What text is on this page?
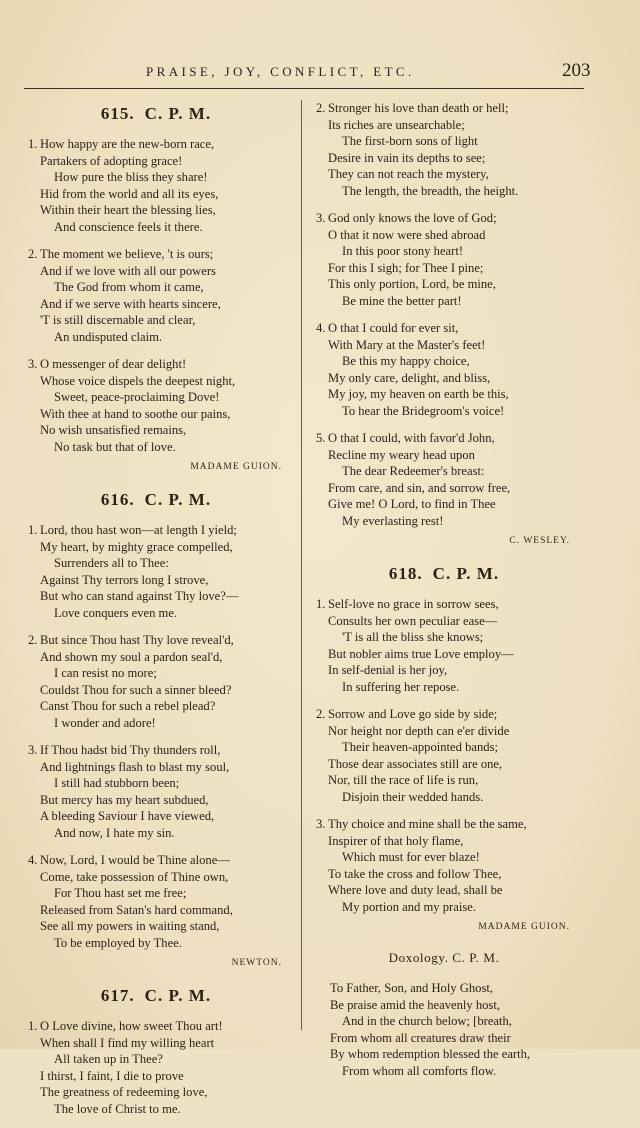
PRAISE, JOY, CONFLICT, ETC.	203
615. C. P. M.
1. How happy are the new-born race,
Partakers of adopting grace!
How pure the bliss they share!
Hid from the world and all its eyes,
Within their heart the blessing lies,
And conscience feels it there.
2. The moment we believe, 't is ours;
And if we love with all our powers
The God from whom it came,
And if we serve with hearts sincere,
'T is still discernable and clear,
An undisputed claim.
3. O messenger of dear delight!
Whose voice dispels the deepest night,
Sweet, peace-proclaiming Dove!
With thee at hand to soothe our pains,
No wish unsatisfied remains,
No task but that of love.
MADAME GUION.
616. C. P. M.
1. Lord, thou hast won—at length I yield;
My heart, by mighty grace compelled,
Surrenders all to Thee:
Against Thy terrors long I strove,
But who can stand against Thy love?—
Love conquers even me.
2. But since Thou hast Thy love reveal'd,
And shown my soul a pardon seal'd,
I can resist no more;
Couldst Thou for such a sinner bleed?
Canst Thou for such a rebel plead?
I wonder and adore!
3. If Thou hadst bid Thy thunders roll,
And lightnings flash to blast my soul,
I still had stubborn been;
But mercy has my heart subdued,
A bleeding Saviour I have viewed,
And now, I hate my sin.
4. Now, Lord, I would be Thine alone—
Come, take possession of Thine own,
For Thou hast set me free;
Released from Satan's hard command,
See all my powers in waiting stand,
To be employed by Thee.
NEWTON.
617. C. P. M.
1. O Love divine, how sweet Thou art!
When shall I find my willing heart
All taken up in Thee?
I thirst, I faint, I die to prove
The greatness of redeeming love,
The love of Christ to me.
2. Stronger his love than death or hell;
Its riches are unsearchable;
The first-born sons of light
Desire in vain its depths to see;
They can not reach the mystery,
The length, the breadth, the height.
3. God only knows the love of God;
O that it now were shed abroad
In this poor stony heart!
For this I sigh; for Thee I pine;
This only portion, Lord, be mine,
Be mine the better part!
4. O that I could for ever sit,
With Mary at the Master's feet!
Be this my happy choice,
My only care, delight, and bliss,
My joy, my heaven on earth be this,
To hear the Bridegroom's voice!
5. O that I could, with favor'd John,
Recline my weary head upon
The dear Redeemer's breast:
From care, and sin, and sorrow free,
Give me! O Lord, to find in Thee
My everlasting rest!
C. WESLEY.
618. C. P. M.
1. Self-love no grace in sorrow sees,
Consults her own peculiar ease—
'T is all the bliss she knows;
But nobler aims true Love employ—
In self-denial is her joy,
In suffering her repose.
2. Sorrow and Love go side by side;
Nor height nor depth can e'er divide
Their heaven-appointed bands;
Those dear associates still are one,
Nor, till the race of life is run,
Disjoin their wedded hands.
3. Thy choice and mine shall be the same,
Inspirer of that holy flame,
Which must for ever blaze!
To take the cross and follow Thee,
Where love and duty lead, shall be
My portion and my praise.
MADAME GUION.
Doxology. C. P. M.
To Father, Son, and Holy Ghost,
Be praise amid the heavenly host,
And in the church below; [breath,
From whom all creatures draw their
By whom redemption blessed the earth,
From whom all comforts flow.
